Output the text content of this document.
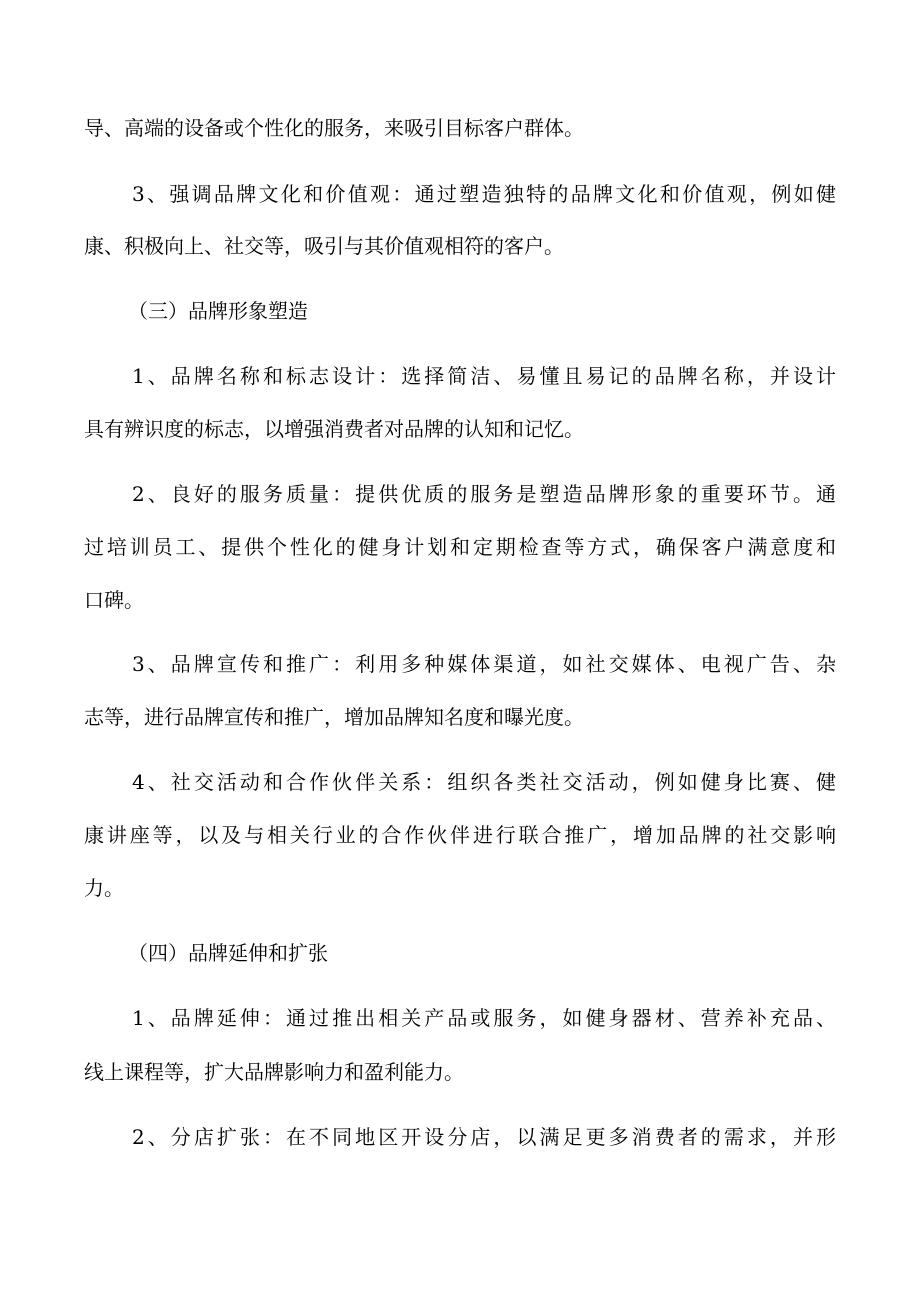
导、高端的设备或个性化的服务，来吸引目标客户群体。
3、强调品牌文化和价值观：通过塑造独特的品牌文化和价值观，例如健
康、积极向上、社交等，吸引与其价值观相符的客户。
（三）品牌形象塑造
1、品牌名称和标志设计：选择简洁、易懂且易记的品牌名称，并设计
具有辨识度的标志，以增强消费者对品牌的认知和记忆。
2、良好的服务质量：提供优质的服务是塑造品牌形象的重要环节。通
过培训员工、提供个性化的健身计划和定期检查等方式，确保客户满意度和
口碑。
3、品牌宣传和推广：利用多种媒体渠道，如社交媒体、电视广告、杂
志等，进行品牌宣传和推广，增加品牌知名度和曝光度。
4、社交活动和合作伙伴关系：组织各类社交活动，例如健身比赛、健
康讲座等，以及与相关行业的合作伙伴进行联合推广，增加品牌的社交影响
力。
（四）品牌延伸和扩张
1、品牌延伸：通过推出相关产品或服务，如健身器材、营养补充品、
线上课程等，扩大品牌影响力和盈利能力。
2、分店扩张：在不同地区开设分店，以满足更多消费者的需求，并形
